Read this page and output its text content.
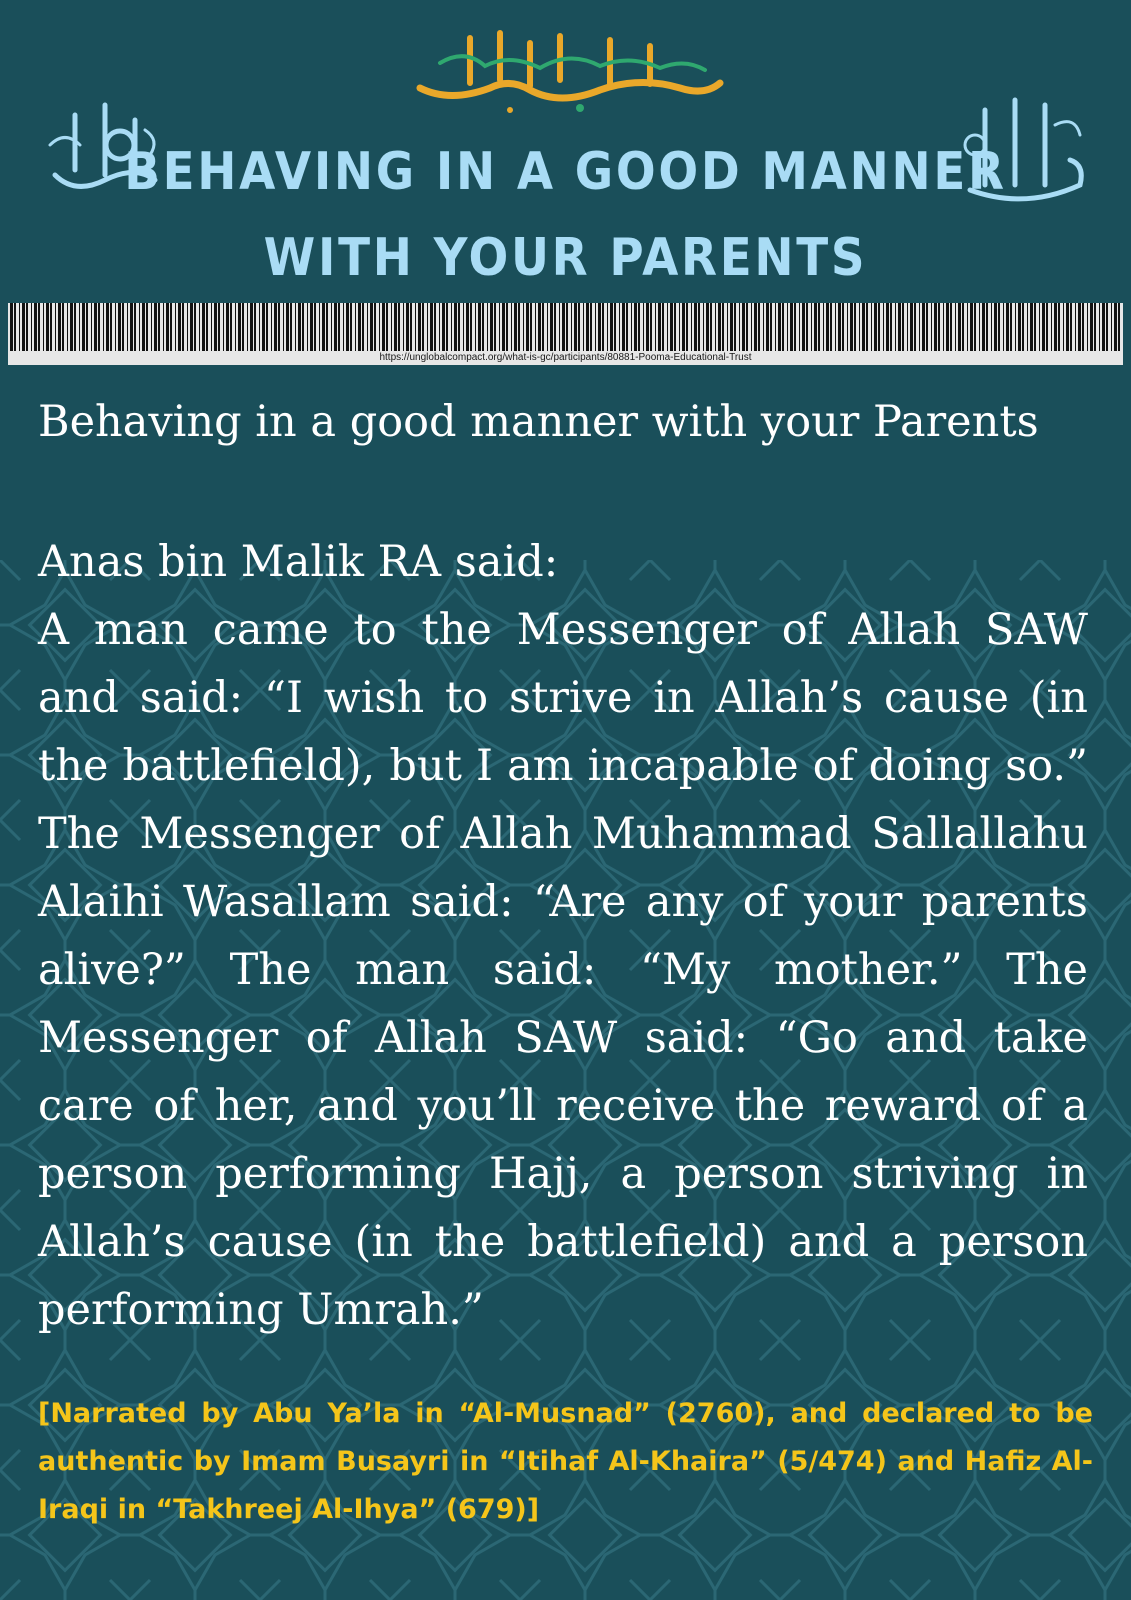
BEHAVING IN A GOOD MANNER
WITH YOUR PARENTS
https://unglobalcompact.org/what-is-gc/participants/80881-Pooma-Educational-Trust

Behaving in a good manner with your Parents

Anas bin Malik RA said:

A man came to the Messenger of Allah SAW and said: “I wish to strive in Allah’s cause (in the battlefield), but I am incapable of doing so.” The Messenger of Allah Muhammad Sallallahu Alaihi Wasallam said: “Are any of your parents alive?” The man said: “My mother.” The Messenger of Allah SAW said: “Go and take care of her, and you’ll receive the reward of a person performing Hajj, a person striving in Allah’s cause (in the battlefield) and a person performing Umrah.”

[Narrated by Abu Ya’la in “Al-Musnad” (2760), and declared to be authentic by Imam Busayri in “Itihaf Al-Khaira” (5/474) and Hafiz Al-Iraqi in “Takhreej Al-Ihya” (679)]
